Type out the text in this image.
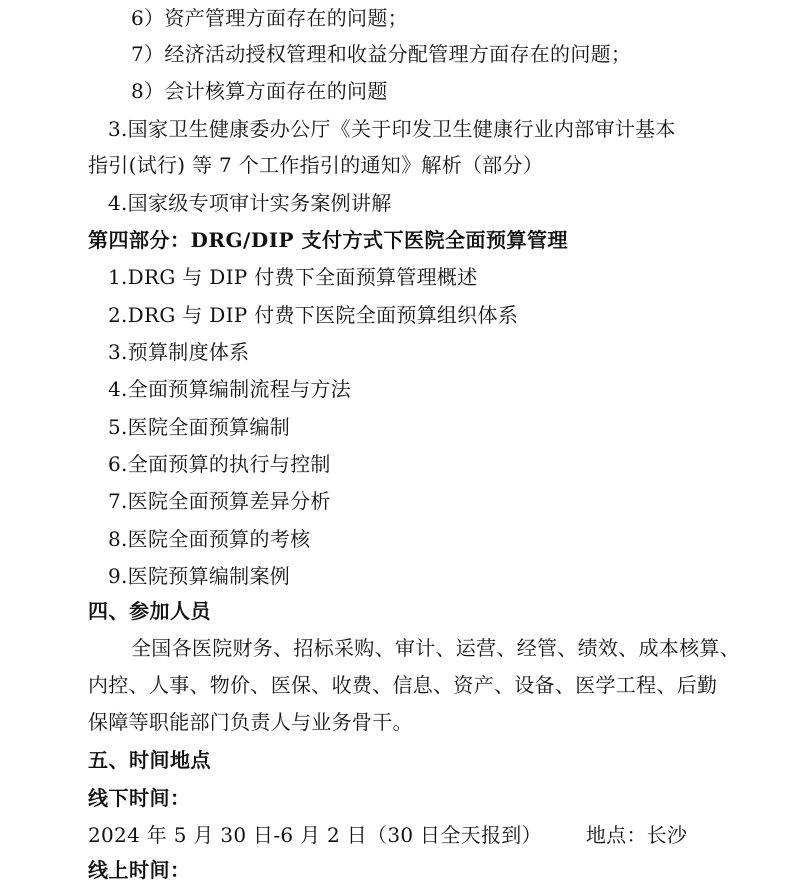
6）资产管理方面存在的问题；
7）经济活动授权管理和收益分配管理方面存在的问题；
8）会计核算方面存在的问题
3.国家卫生健康委办公厅《关于印发卫生健康行业内部审计基本
指引(试行) 等 7 个工作指引的通知》解析（部分）
4.国家级专项审计实务案例讲解
第四部分：DRG/DIP 支付方式下医院全面预算管理
1.DRG 与 DIP 付费下全面预算管理概述
2.DRG 与 DIP 付费下医院全面预算组织体系
3.预算制度体系
4.全面预算编制流程与方法
5.医院全面预算编制
6.全面预算的执行与控制
7.医院全面预算差异分析
8.医院全面预算的考核
9.医院预算编制案例
四、参加人员
全国各医院财务、招标采购、审计、运营、经管、绩效、成本核算、
内控、人事、物价、医保、收费、信息、资产、设备、医学工程、后勤
保障等职能部门负责人与业务骨干。
五、时间地点
线下时间：
2024 年 5 月 30 日-6 月 2 日（30 日全天报到） 地点：长沙
线上时间：
